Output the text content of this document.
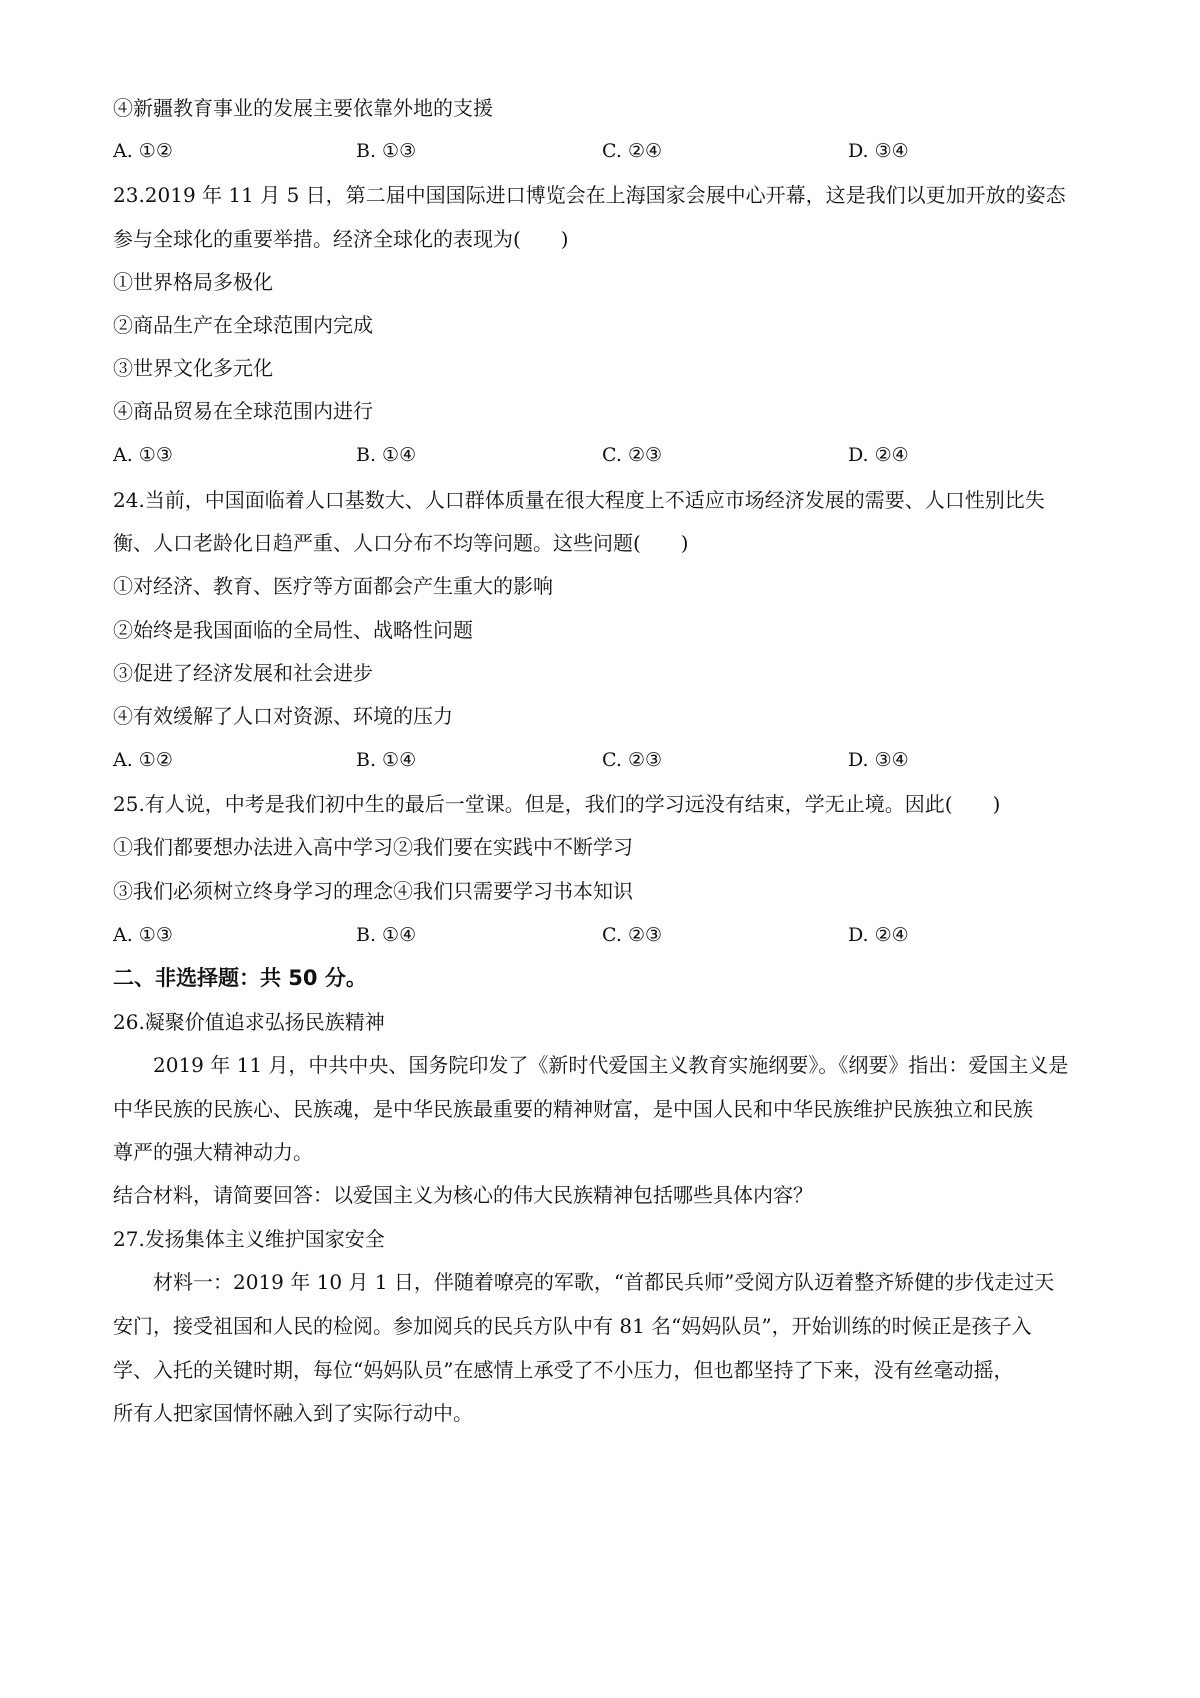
④新疆教育事业的发展主要依靠外地的支援
A. ①②	B. ①③	C. ②④	D. ③④
23.2019 年 11 月 5 日，第二届中国国际进口博览会在上海国家会展中心开幕，这是我们以更加开放的姿态
参与全球化的重要举措。经济全球化的表现为(　　)
①世界格局多极化
②商品生产在全球范围内完成
③世界文化多元化
④商品贸易在全球范围内进行
A. ①③	B. ①④	C. ②③	D. ②④
24.当前，中国面临着人口基数大、人口群体质量在很大程度上不适应市场经济发展的需要、人口性别比失
衡、人口老龄化日趋严重、人口分布不均等问题。这些问题(　　)
①对经济、教育、医疗等方面都会产生重大的影响
②始终是我国面临的全局性、战略性问题
③促进了经济发展和社会进步
④有效缓解了人口对资源、环境的压力
A. ①②	B. ①④	C. ②③	D. ③④
25.有人说，中考是我们初中生的最后一堂课。但是，我们的学习远没有结束，学无止境。因此(　　)
①我们都要想办法进入高中学习②我们要在实践中不断学习
③我们必须树立终身学习的理念④我们只需要学习书本知识
A. ①③	B. ①④	C. ②③	D. ②④
二、非选择题：共 50 分。
26.凝聚价值追求弘扬民族精神
2019 年 11 月，中共中央、国务院印发了《新时代爱国主义教育实施纲要》。《纲要》指出：爱国主义是
中华民族的民族心、民族魂，是中华民族最重要的精神财富，是中国人民和中华民族维护民族独立和民族
尊严的强大精神动力。
结合材料，请简要回答：以爱国主义为核心的伟大民族精神包括哪些具体内容？
27.发扬集体主义维护国家安全
材料一：2019 年 10 月 1 日，伴随着嘹亮的军歌，“首都民兵师”受阅方队迈着整齐矫健的步伐走过天
安门，接受祖国和人民的检阅。参加阅兵的民兵方队中有 81 名“妈妈队员”，开始训练的时候正是孩子入
学、入托的关键时期，每位“妈妈队员”在感情上承受了不小压力，但也都坚持了下来，没有丝毫动摇，
所有人把家国情怀融入到了实际行动中。
